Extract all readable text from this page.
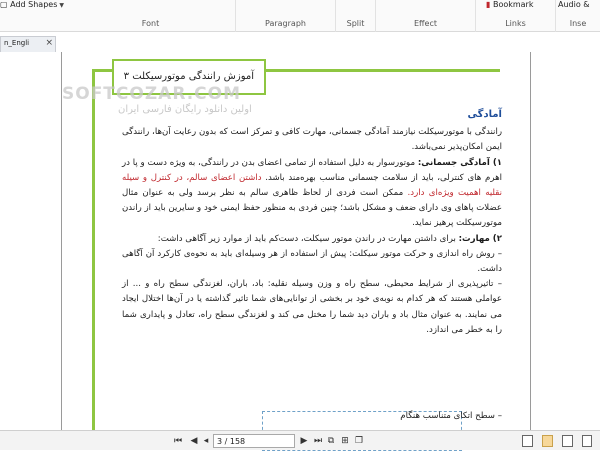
▢ Add Shapes ▼
Font	Paragraph	Split	Effect
▮ Bookmark
Links
Audio &
Inse
n_Engli ×
آموزش رانندگی موتورسیکلت ۳
آمادگی
رانندگی با موتورسیکلت نیازمند آمادگی جسمانی، مهارت کافی و تمرکز است که بدون رعایت آن‌ها، رانندگی ایمن امکان‌پذیر نمی‌باشد.
۱) آمادگی جسمانی: موتورسوار به دلیل استفاده از تمامی اعضای بدن در رانندگی، به ویژه دست و پا در اهرم های کنترلی، باید از سلامت جسمانی مناسب بهره‌مند باشد. داشتن اعضای سالم، در کنترل و سیله نقلیه اهمیت ویژه‌ای دارد. ممکن است فردی از لحاظ ظاهری سالم به نظر برسد ولی به عنوان مثال عضلات پاهای وی دارای ضعف و مشکل باشد؛ چنین فردی به منظور حفظ ایمنی خود و سایرین باید از راندن موتورسیکلت پرهیز نماید.
۲) مهارت: برای داشتن مهارت در راندن موتور سیکلت، دست‌کم باید از موارد زیر آگاهی داشت:
– روش راه اندازی و حرکت موتور سیکلت: پیش از استفاده از هر وسیله‌ای باید به نحوه‌ی کارکرد آن آگاهی داشت.
– تاثیرپذیری از شرایط محیطی، سطح راه و وزن وسیله نقلیه: باد، باران، لغزندگی سطح راه و ... از عواملی هستند که هر کدام به نوبه‌ی خود بر بخشی از توانایی‌های شما تاثیر گذاشته یا در آن‌ها اختلال ایجاد می نمایند. به عنوان مثال باد و باران دید شما را مختل می کند و لغزندگی سطح راه، تعادل و پایداری شما را به خطر می اندازد.
– سطح اتکای متناسب هنگام
SOFTCOZAR.COM
اولین دانلود رایگان فارسی ایران
⏮ ◀ ◂
3 / 158	▶ ⏭ ⧉ ⊞ ❐
